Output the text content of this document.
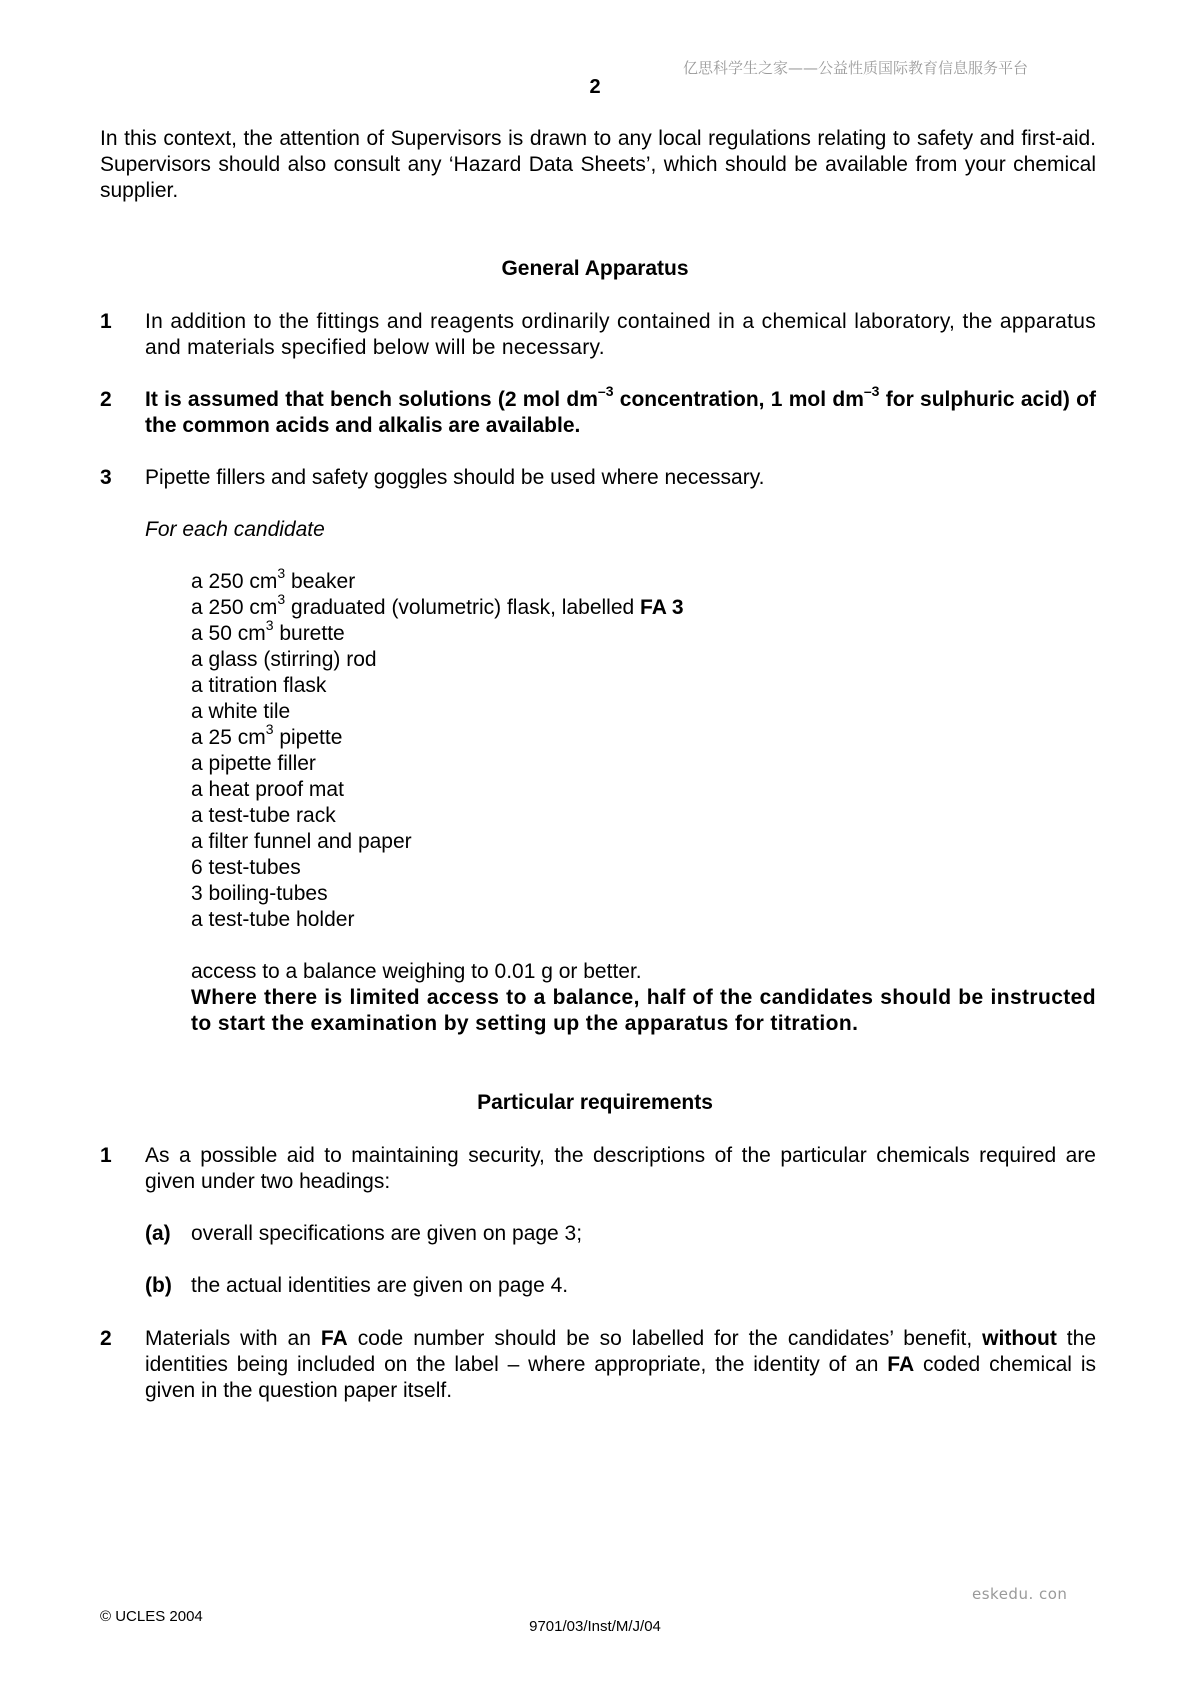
亿思科学生之家——公益性质国际教育信息服务平台
2
In this context, the attention of Supervisors is drawn to any local regulations relating to safety and first-aid. Supervisors should also consult any ‘Hazard Data Sheets’, which should be available from your chemical supplier.
General Apparatus
1 In addition to the fittings and reagents ordinarily contained in a chemical laboratory, the apparatus and materials specified below will be necessary.
2 It is assumed that bench solutions (2 mol $dm^{-3}$ concentration, 1 mol $dm^{-3}$ for sulphuric acid) of the common acids and alkalis are available.
3 Pipette fillers and safety goggles should be used where necessary.
For each candidate
a 250 $cm^3$ beaker
a 250 $cm^3$ graduated (volumetric) flask, labelled FA 3
a 50 $cm^3$ burette
a glass (stirring) rod
a titration flask
a white tile
a 25 $cm^3$ pipette
a pipette filler
a heat proof mat
a test-tube rack
a filter funnel and paper
6 test-tubes
3 boiling-tubes
a test-tube holder
access to a balance weighing to 0.01 g or better.
Where there is limited access to a balance, half of the candidates should be instructed to start the examination by setting up the apparatus for titration.
Particular requirements
1 As a possible aid to maintaining security, the descriptions of the particular chemicals required are given under two headings:
(a) overall specifications are given on page 3;
(b) the actual identities are given on page 4.
2 Materials with an FA code number should be so labelled for the candidates’ benefit, without the identities being included on the label – where appropriate, the identity of an FA coded chemical is given in the question paper itself.
eskedu. con
© UCLES 2004
9701/03/Inst/M/J/04
